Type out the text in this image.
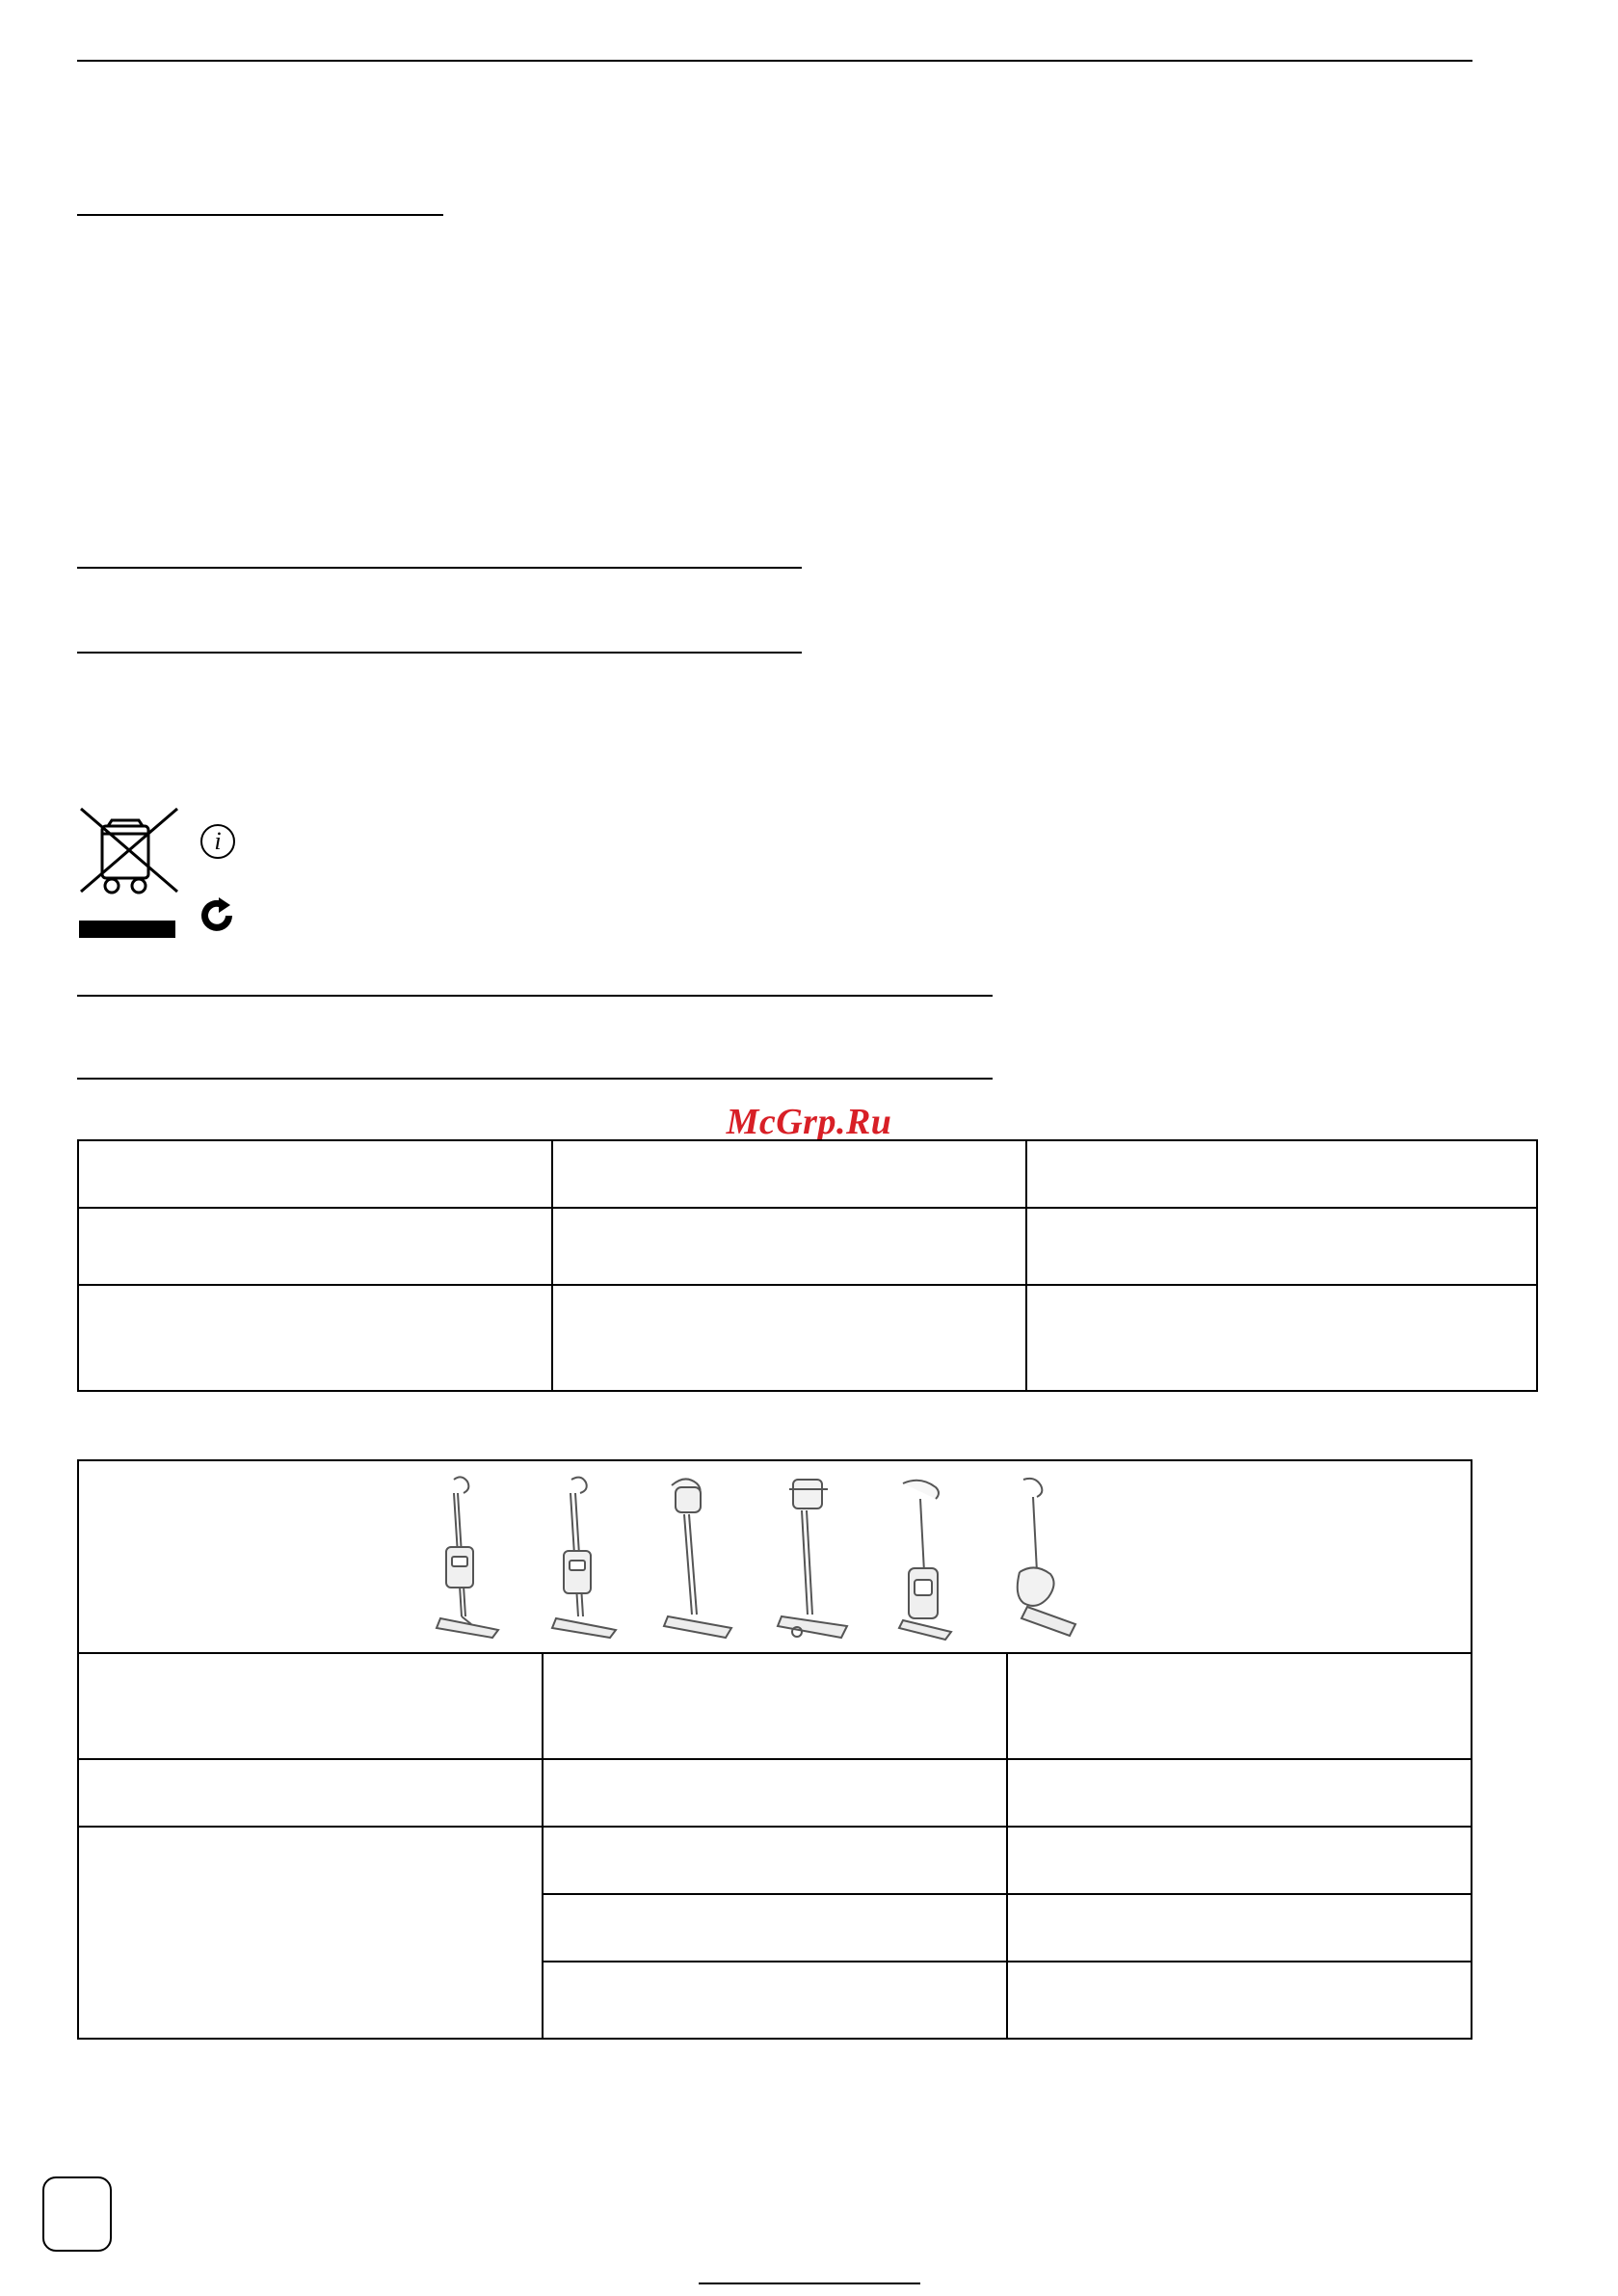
i
McGrp.Ru
